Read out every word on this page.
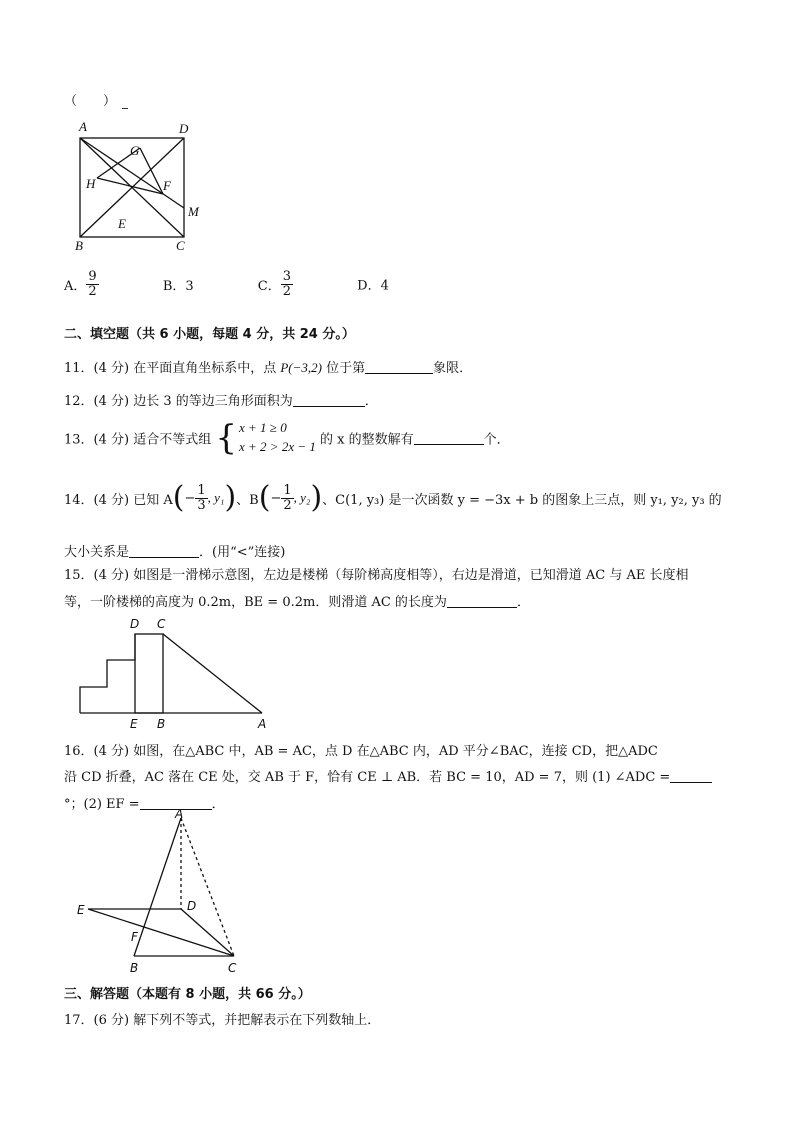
（　　）
A	D
G
H	F
E
M
B	C
A． $\frac{9}{2}$	B．3	C． $\frac{3}{2}$	D．4
二、填空题（共 6 小题，每题 4 分，共 24 分。）
11．(4 分) 在平面直角坐标系中，点 P(−3,2) 位于第	象限．
12．(4 分) 边长 3 的等边三角形面积为	．
13．(4 分) 适合不等式组 { x + 1 ≥ 0
x + 2 > 2x − 1 的 x 的整数解有	个．
14．(4 分) 已知 A ( − $\frac{1}{3}$ , y₁ ) 、B ( − $\frac{1}{2}$ , y₂ ) 、C(1, y₃) 是一次函数 y = −3x + b 的图象上三点，则 y₁, y₂, y₃ 的
大小关系是	．(用“<”连接)
15．(4 分) 如图是一滑梯示意图，左边是楼梯（每阶梯高度相等），右边是滑道，已知滑道 AC 与 AE 长度相
等，一阶楼梯的高度为 0.2m，BE = 0.2m．则滑道 AC 的长度为	．
D C
E B	A
16．(4 分) 如图，在△ABC 中，AB = AC，点 D 在△ABC 内，AD 平分∠BAC，连接 CD，把△ADC
沿 CD 折叠，AC 落在 CE 处，交 AB 于 F，恰有 CE ⊥ AB．若 BC = 10，AD = 7，则 (1) ∠ADC =
°；(2) EF =	．
A
D
E
F
B	C
三、解答题（本题有 8 小题，共 66 分。）
17．(6 分) 解下列不等式，并把解表示在下列数轴上．
